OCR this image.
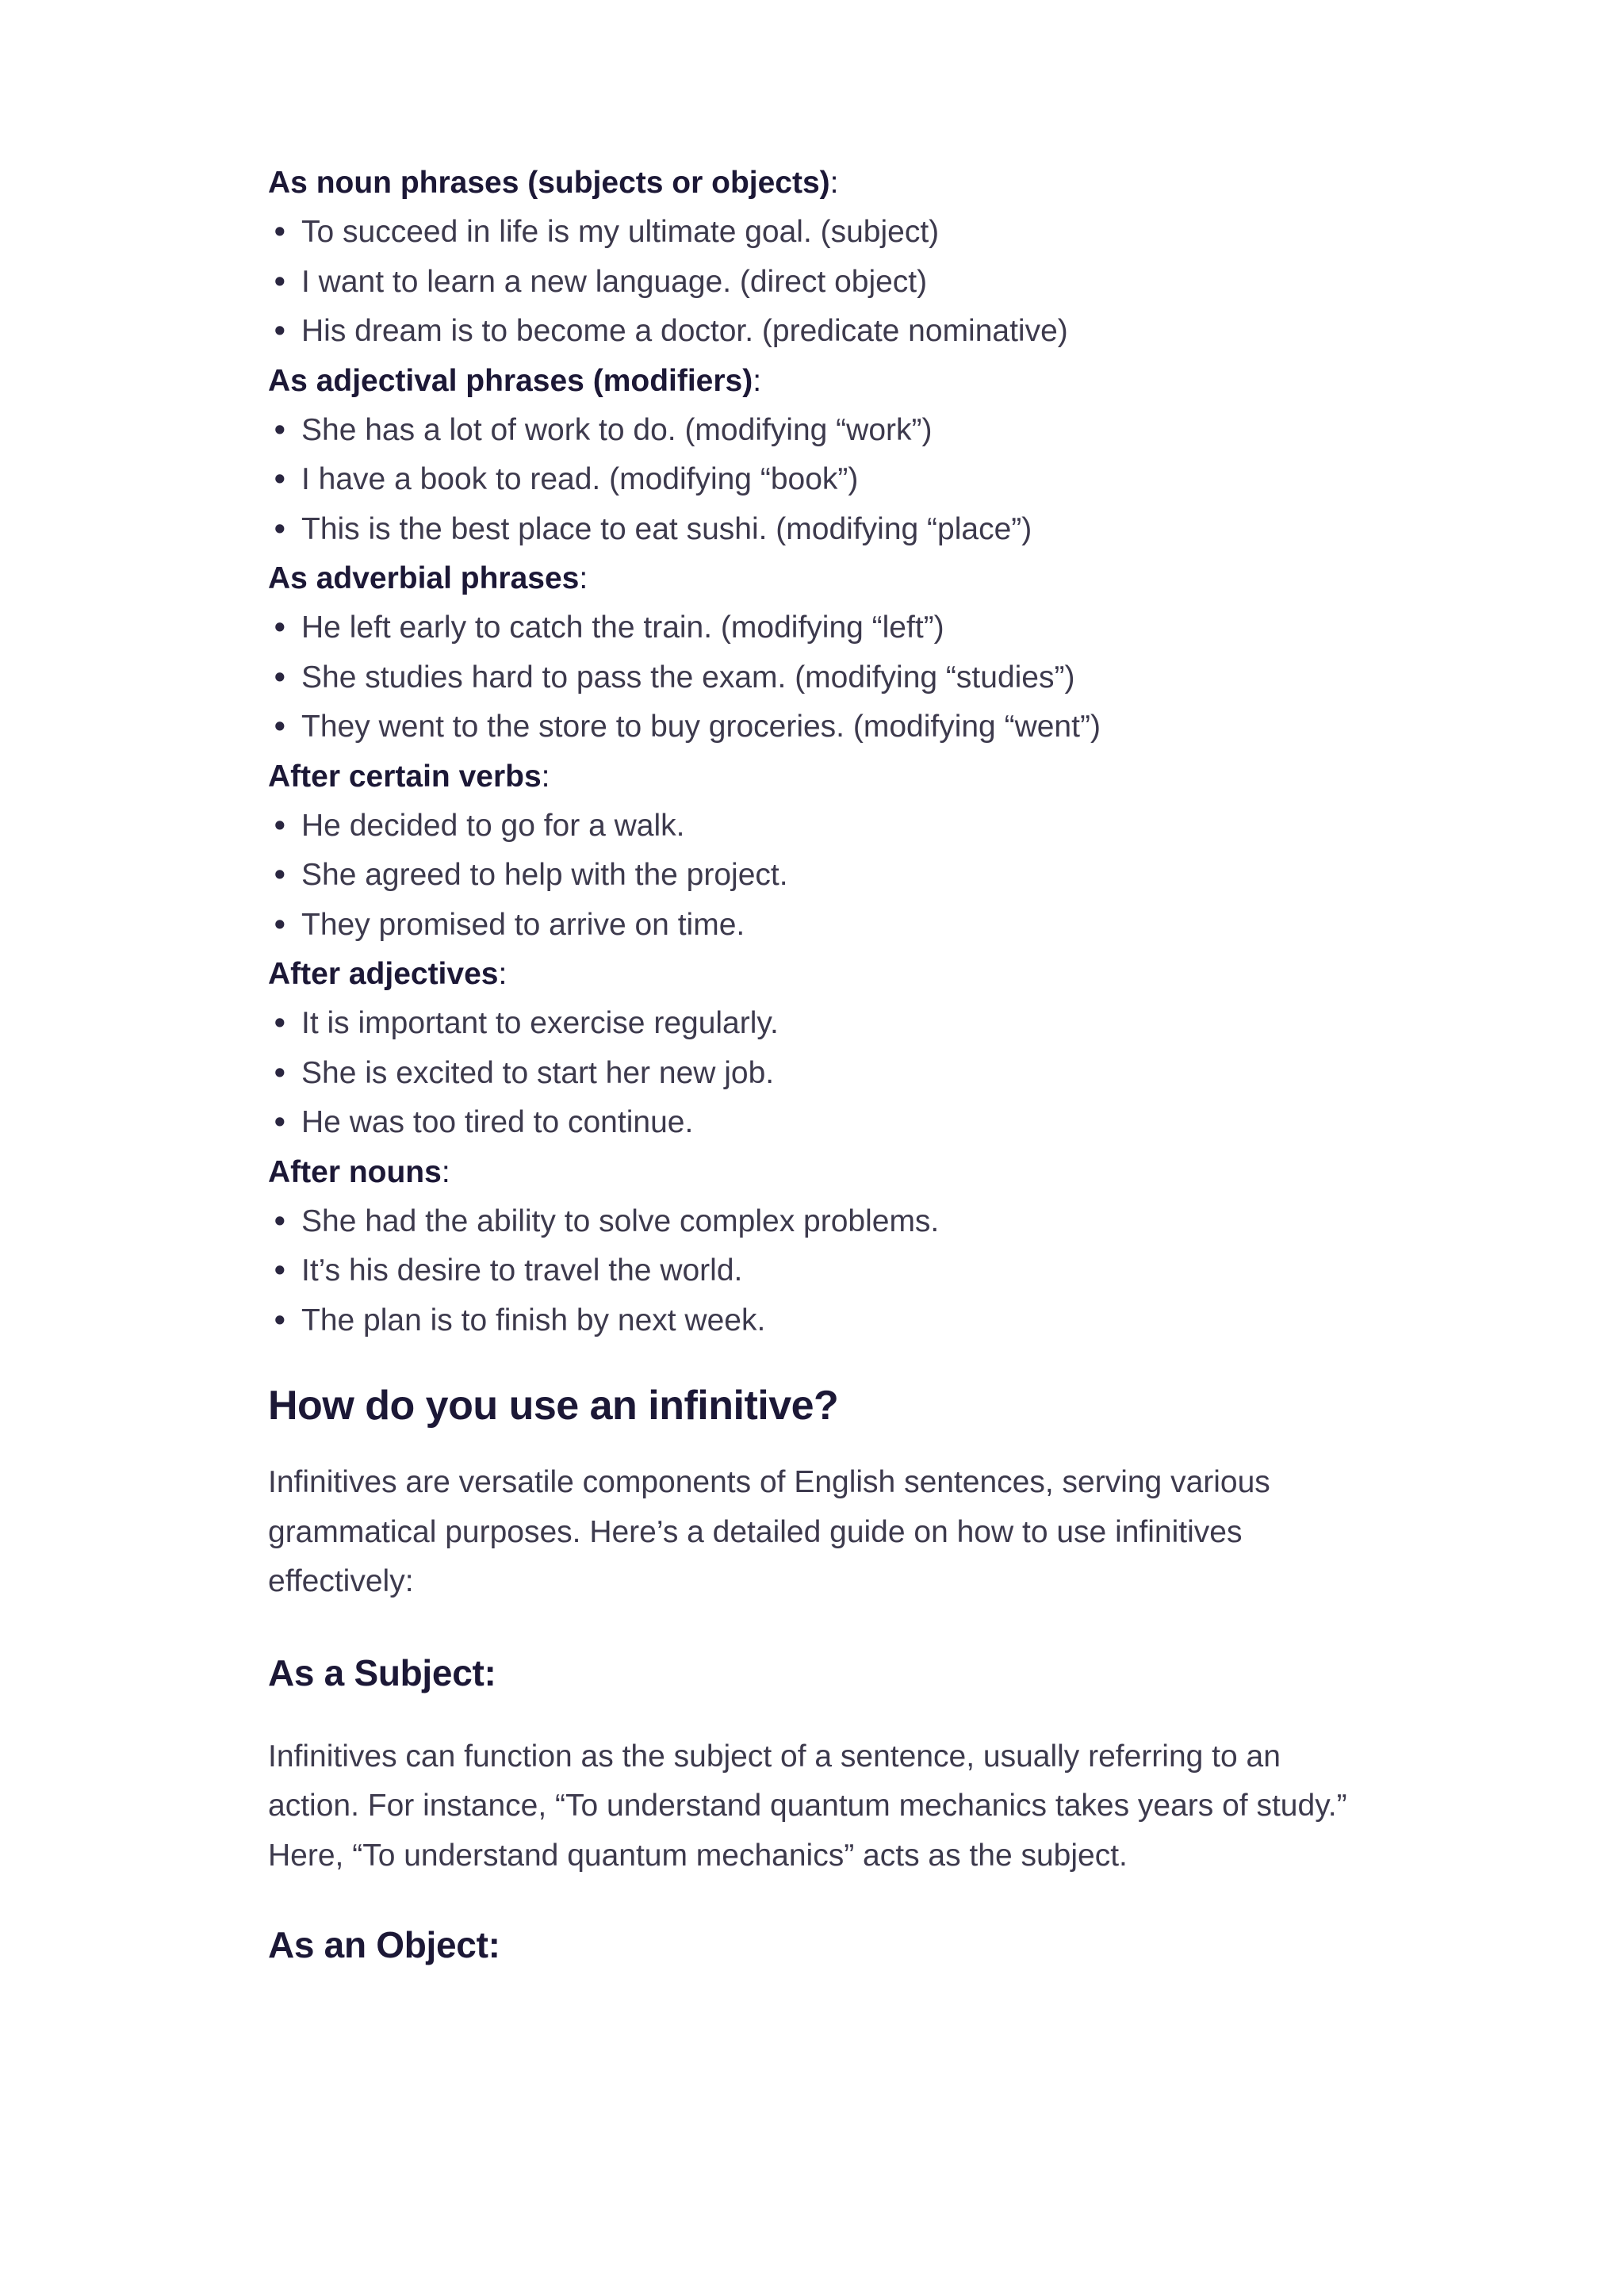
As noun phrases (subjects or objects):
• To succeed in life is my ultimate goal. (subject)
• I want to learn a new language. (direct object)
• His dream is to become a doctor. (predicate nominative)
As adjectival phrases (modifiers):
• She has a lot of work to do. (modifying “work”)
• I have a book to read. (modifying “book”)
• This is the best place to eat sushi. (modifying “place”)
As adverbial phrases:
• He left early to catch the train. (modifying “left”)
• She studies hard to pass the exam. (modifying “studies”)
• They went to the store to buy groceries. (modifying “went”)
After certain verbs:
• He decided to go for a walk.
• She agreed to help with the project.
• They promised to arrive on time.
After adjectives:
• It is important to exercise regularly.
• She is excited to start her new job.
• He was too tired to continue.
After nouns:
• She had the ability to solve complex problems.
• It’s his desire to travel the world.
• The plan is to finish by next week.
How do you use an infinitive?

Infinitives are versatile components of English sentences, serving various grammatical purposes. Here’s a detailed guide on how to use infinitives effectively:

As a Subject:

Infinitives can function as the subject of a sentence, usually referring to an action. For instance, “To understand quantum mechanics takes years of study.” Here, “To understand quantum mechanics” acts as the subject.

As an Object:
